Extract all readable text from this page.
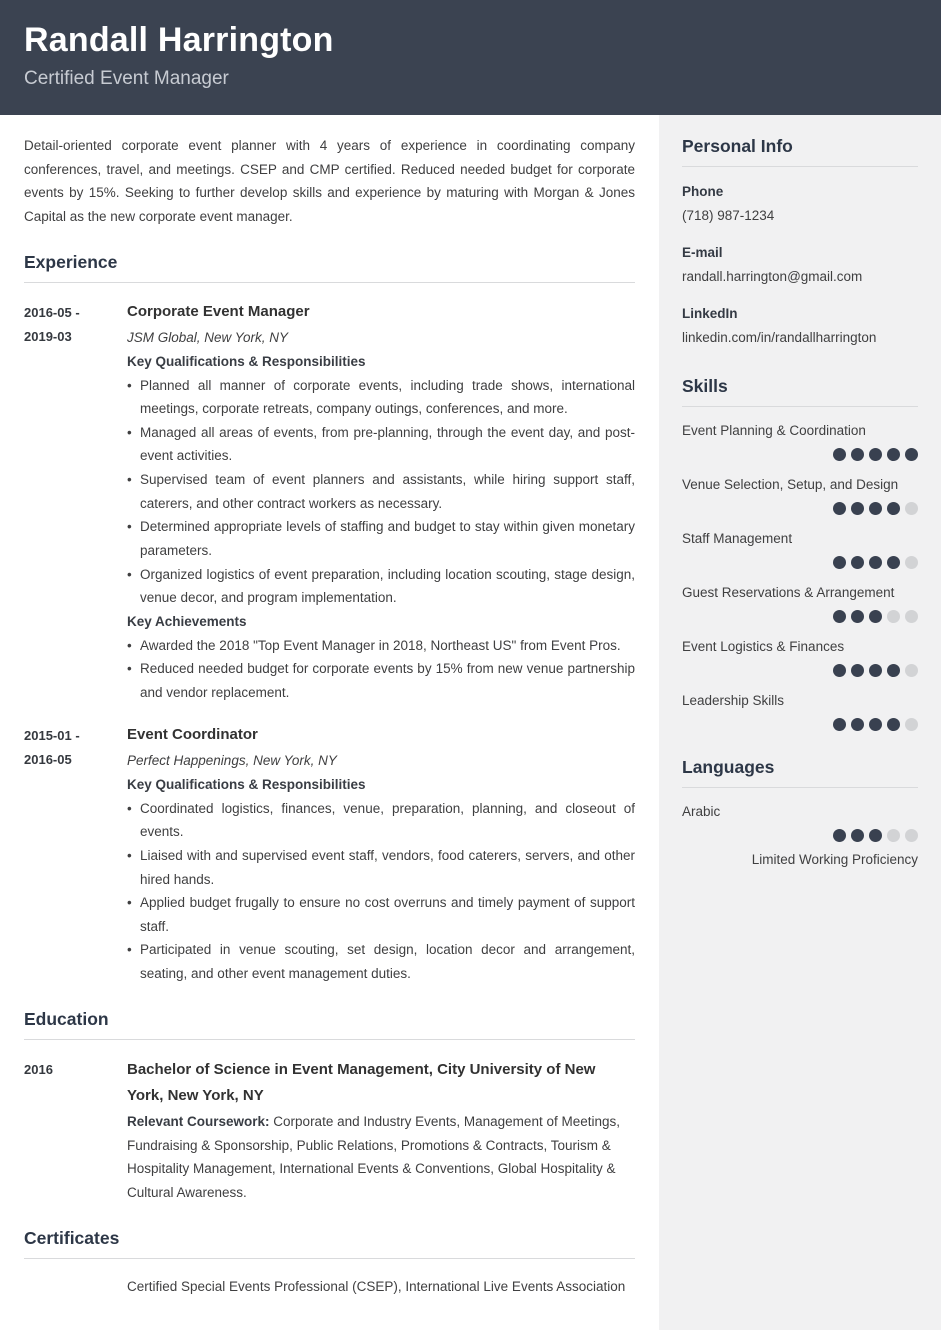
Randall Harrington
Certified Event Manager

Detail-oriented corporate event planner with 4 years of experience in coordinating company conferences, travel, and meetings. CSEP and CMP certified. Reduced needed budget for corporate events by 15%. Seeking to further develop skills and experience by maturing with Morgan & Jones Capital as the new corporate event manager.

Experience
2016-05 -
2019-03
Corporate Event Manager
JSM Global, New York, NY
Key Qualifications & Responsibilities
• Planned all manner of corporate events, including trade shows, international meetings, corporate retreats, company outings, conferences, and more.
• Managed all areas of events, from pre-planning, through the event day, and post-event activities.
• Supervised team of event planners and assistants, while hiring support staff, caterers, and other contract workers as necessary.
• Determined appropriate levels of staffing and budget to stay within given monetary parameters.
• Organized logistics of event preparation, including location scouting, stage design, venue decor, and program implementation.
Key Achievements
• Awarded the 2018 "Top Event Manager in 2018, Northeast US" from Event Pros.
• Reduced needed budget for corporate events by 15% from new venue partnership and vendor replacement.
2015-01 -
2016-05
Event Coordinator
Perfect Happenings, New York, NY
Key Qualifications & Responsibilities
• Coordinated logistics, finances, venue, preparation, planning, and closeout of events.
• Liaised with and supervised event staff, vendors, food caterers, servers, and other hired hands.
• Applied budget frugally to ensure no cost overruns and timely payment of support staff.
• Participated in venue scouting, set design, location decor and arrangement, seating, and other event management duties.
Education
2016	Bachelor of Science in Event Management, City University of New York, New York, NY
Relevant Coursework: Corporate and Industry Events, Management of Meetings, Fundraising & Sponsorship, Public Relations, Promotions & Contracts, Tourism & Hospitality Management, International Events & Conventions, Global Hospitality & Cultural Awareness.
Certificates
Certified Special Events Professional (CSEP), International Live Events Association
Personal Info
Phone
(718) 987-1234
E-mail
randall.harrington@gmail.com
LinkedIn
linkedin.com/in/randallharrington
Skills
Event Planning & Coordination
Venue Selection, Setup, and Design
Staff Management
Guest Reservations & Arrangement
Event Logistics & Finances
Leadership Skills
Languages
Arabic
Limited Working Proficiency
